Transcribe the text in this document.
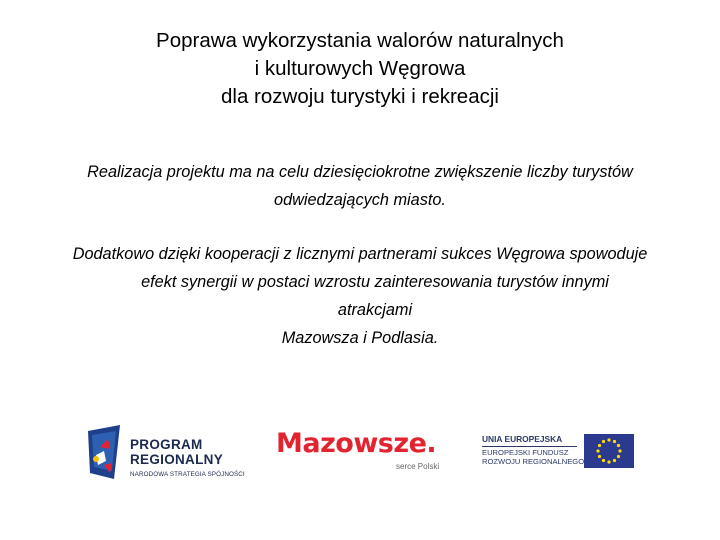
Poprawa wykorzystania walorów naturalnych
i kulturowych Węgrowa
dla rozwoju turystyki i rekreacji
Realizacja projektu ma na celu dziesięciokrotne zwiększenie liczby turystów
odwiedzających miasto.
Dodatkowo dzięki kooperacji z licznymi partnerami sukces Węgrowa spowoduje
efekt synergii w postaci wzrostu zainteresowania turystów innymi
atrakcjami
Mazowsza i Podlasia.
PROGRAM
REGIONALNY
NARODOWA STRATEGIA SPÓJNOŚCI
Mazowsze.
serce Polski
UNIA EUROPEJSKA
EUROPEJSKI FUNDUSZ
ROZWOJU REGIONALNEGO
